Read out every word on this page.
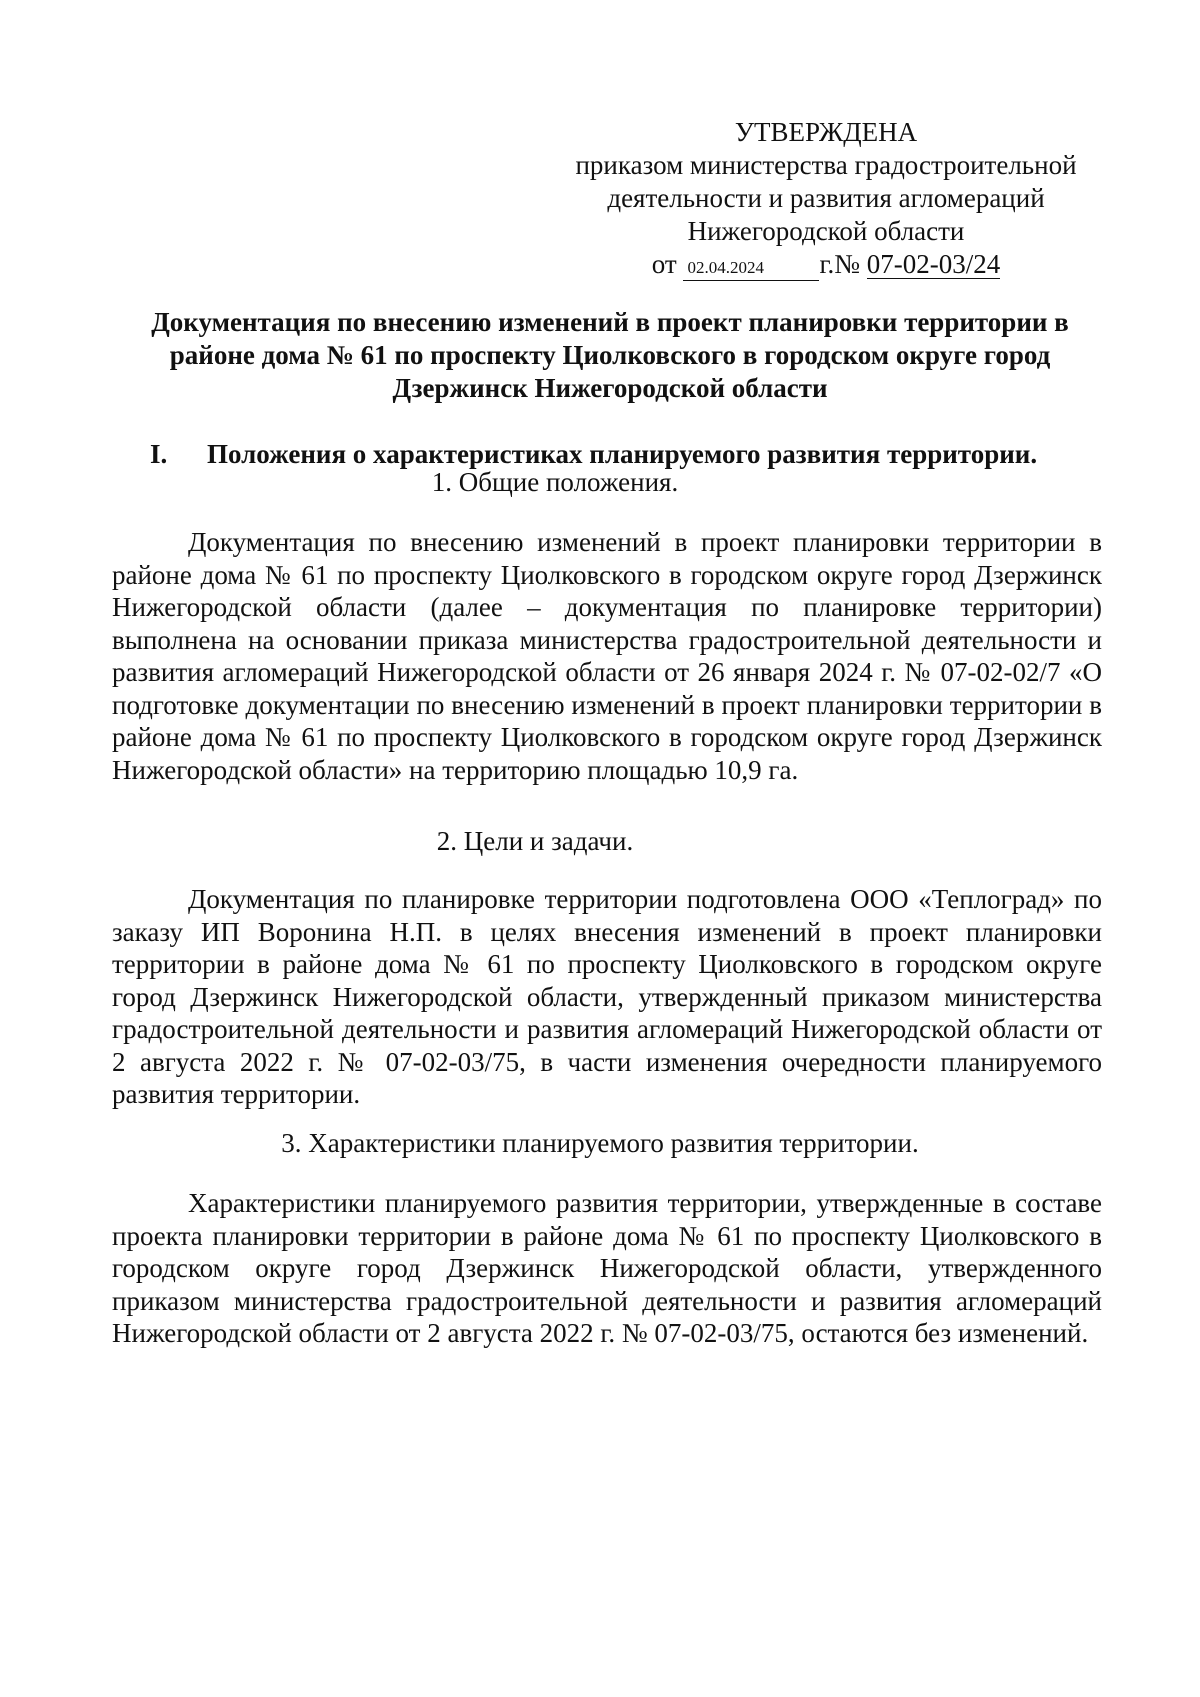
УТВЕРЖДЕНА
приказом министерства градостроительной
деятельности и развития агломераций
Нижегородской области
от 02.04.2024 г.№ 07-02-03/24
Документация по внесению изменений в проект планировки территории в районе дома № 61 по проспекту Циолковского в городском округе город Дзержинск Нижегородской области
I. Положения о характеристиках планируемого развития территории.
1. Общие положения.
Документация по внесению изменений в проект планировки территории в районе дома № 61 по проспекту Циолковского в городском округе город Дзержинск Нижегородской области (далее – документация по планировке территории) выполнена на основании приказа министерства градостроительной деятельности и развития агломераций Нижегородской области от 26 января 2024 г. № 07-02-02/7 «О подготовке документации по внесению изменений в проект планировки территории в районе дома № 61 по проспекту Циолковского в городском округе город Дзержинск Нижегородской области» на территорию площадью 10,9 га.
2. Цели и задачи.
Документация по планировке территории подготовлена ООО «Теплоград» по заказу ИП Воронина Н.П. в целях внесения изменений в проект планировки территории в районе дома № 61 по проспекту Циолковского в городском округе город Дзержинск Нижегородской области, утвержденный приказом министерства градостроительной деятельности и развития агломераций Нижегородской области от 2 августа 2022 г. № 07-02-03/75, в части изменения очередности планируемого развития территории.
3. Характеристики планируемого развития территории.
Характеристики планируемого развития территории, утвержденные в составе проекта планировки территории в районе дома № 61 по проспекту Циолковского в городском округе город Дзержинск Нижегородской области, утвержденного приказом министерства градостроительной деятельности и развития агломераций Нижегородской области от 2 августа 2022 г. № 07-02-03/75, остаются без изменений.
